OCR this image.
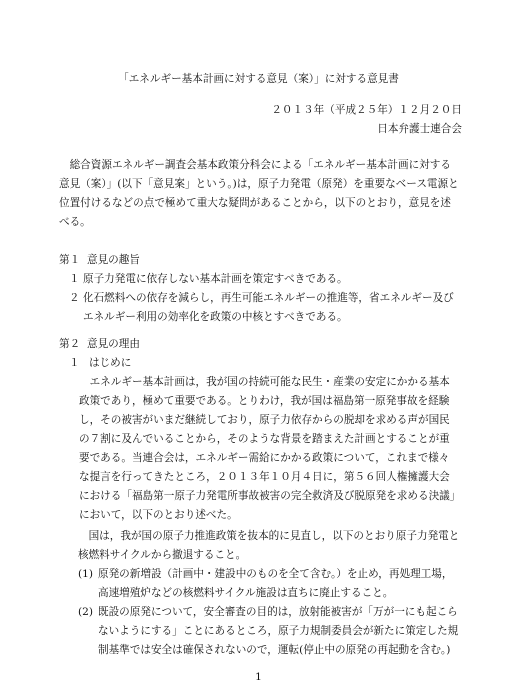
「エネルギー基本計画に対する意見（案）」に対する意見書
２０１３年（平成２５年）１２月２０日
日本弁護士連合会

総合資源エネルギー調査会基本政策分科会による「エネルギー基本計画に対する意見（案）」(以下「意見案」という。)は，原子力発電（原発）を重要なベース電源と位置付けるなどの点で極めて重大な疑問があることから，以下のとおり，意見を述べる。

第１ 意見の趣旨
１ 原子力発電に依存しない基本計画を策定すべきである。
２ 化石燃料への依存を減らし，再生可能エネルギーの推進等，省エネルギー及びエネルギー利用の効率化を政策の中核とすべきである。
第２ 意見の理由
１ はじめに

エネルギー基本計画は，我が国の持続可能な民生・産業の安定にかかる基本政策であり，極めて重要である。とりわけ，我が国は福島第一原発事故を経験し，その被害がいまだ継続しており，原子力依存からの脱却を求める声が国民の７割に及んでいることから，そのような背景を踏まえた計画とすることが重要である。当連合会は，エネルギー需給にかかる政策について，これまで様々な提言を行ってきたところ，２０１３年１０月４日に，第５６回人権擁護大会における「福島第一原子力発電所事故被害の完全救済及び脱原発を求める決議」において，以下のとおり述べた。

国は，我が国の原子力推進政策を抜本的に見直し，以下のとおり原子力発電と核燃料サイクルから撤退すること。

(1) 原発の新増設（計画中・建設中のものを全て含む。）を止め，再処理工場，高速増殖炉などの核燃料サイクル施設は直ちに廃止すること。
(2) 既設の原発について，安全審査の目的は，放射能被害が「万が一にも起こらないようにする」ことにあるところ，原子力規制委員会が新たに策定した規制基準では安全は確保されないので，運転(停止中の原発の再起動を含む。)
1
